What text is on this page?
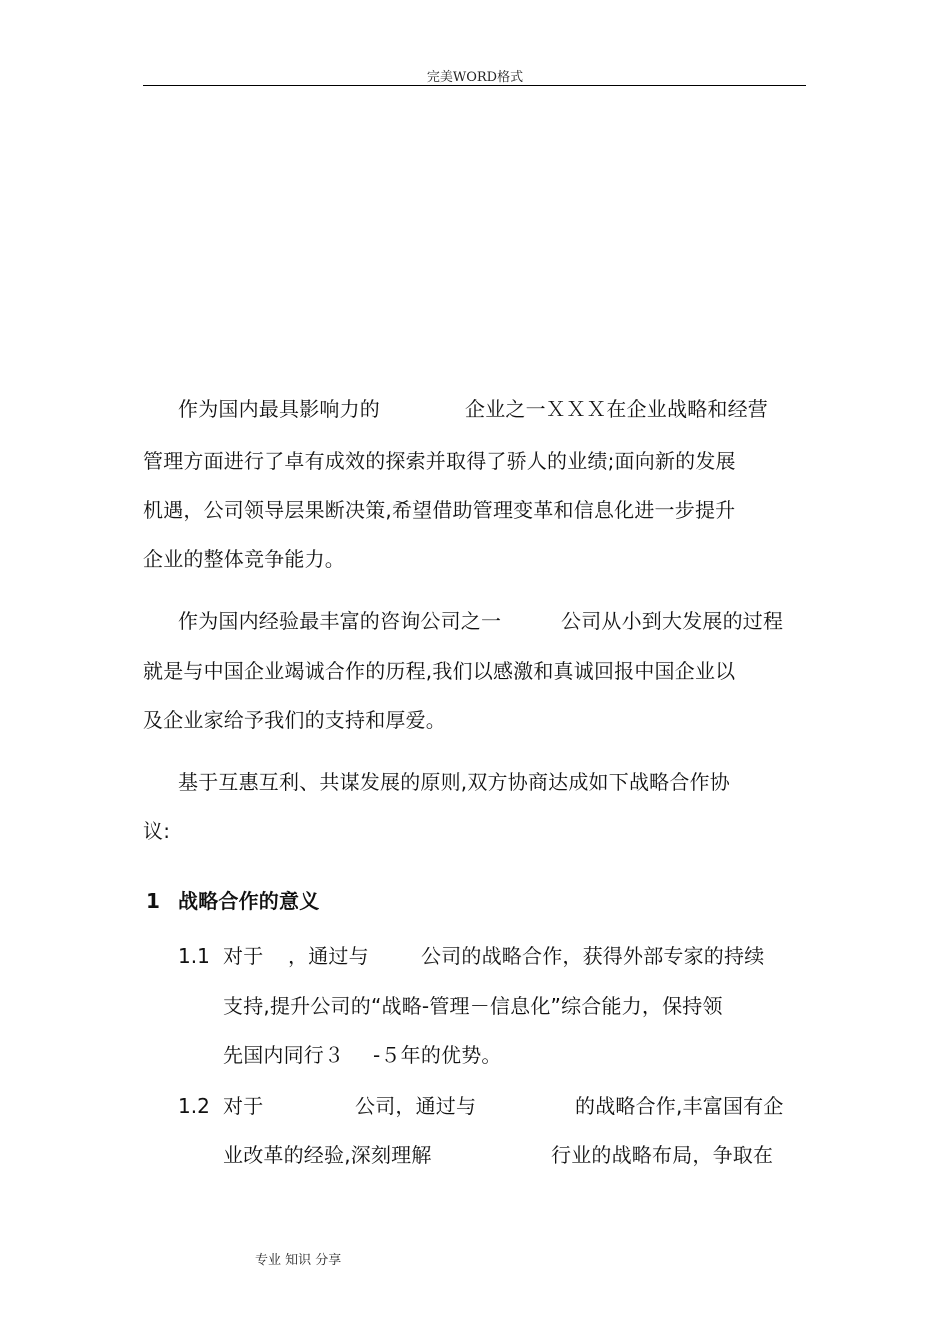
完美WORD格式
作为国内最具影响力的	企业之一ＸＸＸ在企业战略和经营
管理方面进行了卓有成效的探索并取得了骄人的业绩;面向新的发展
机遇，公司领导层果断决策,希望借助管理变革和信息化进一步提升
企业的整体竞争能力。
作为国内经验最丰富的咨询公司之一	公司从小到大发展的过程
就是与中国企业竭诚合作的历程,我们以感激和真诚回报中国企业以
及企业家给予我们的支持和厚爱。
基于互惠互利、共谋发展的原则,双方协商达成如下战略合作协
议:
1 战略合作的意义
1.1 对于 ，通过与	公司的战略合作，获得外部专家的持续
支持,提升公司的“战略-管理－信息化”综合能力，保持领
先国内同行３ -５年的优势。
1.2 对于	公司，通过与	的战略合作,丰富国有企
业改革的经验,深刻理解	行业的战略布局，争取在
专业 知识 分享
